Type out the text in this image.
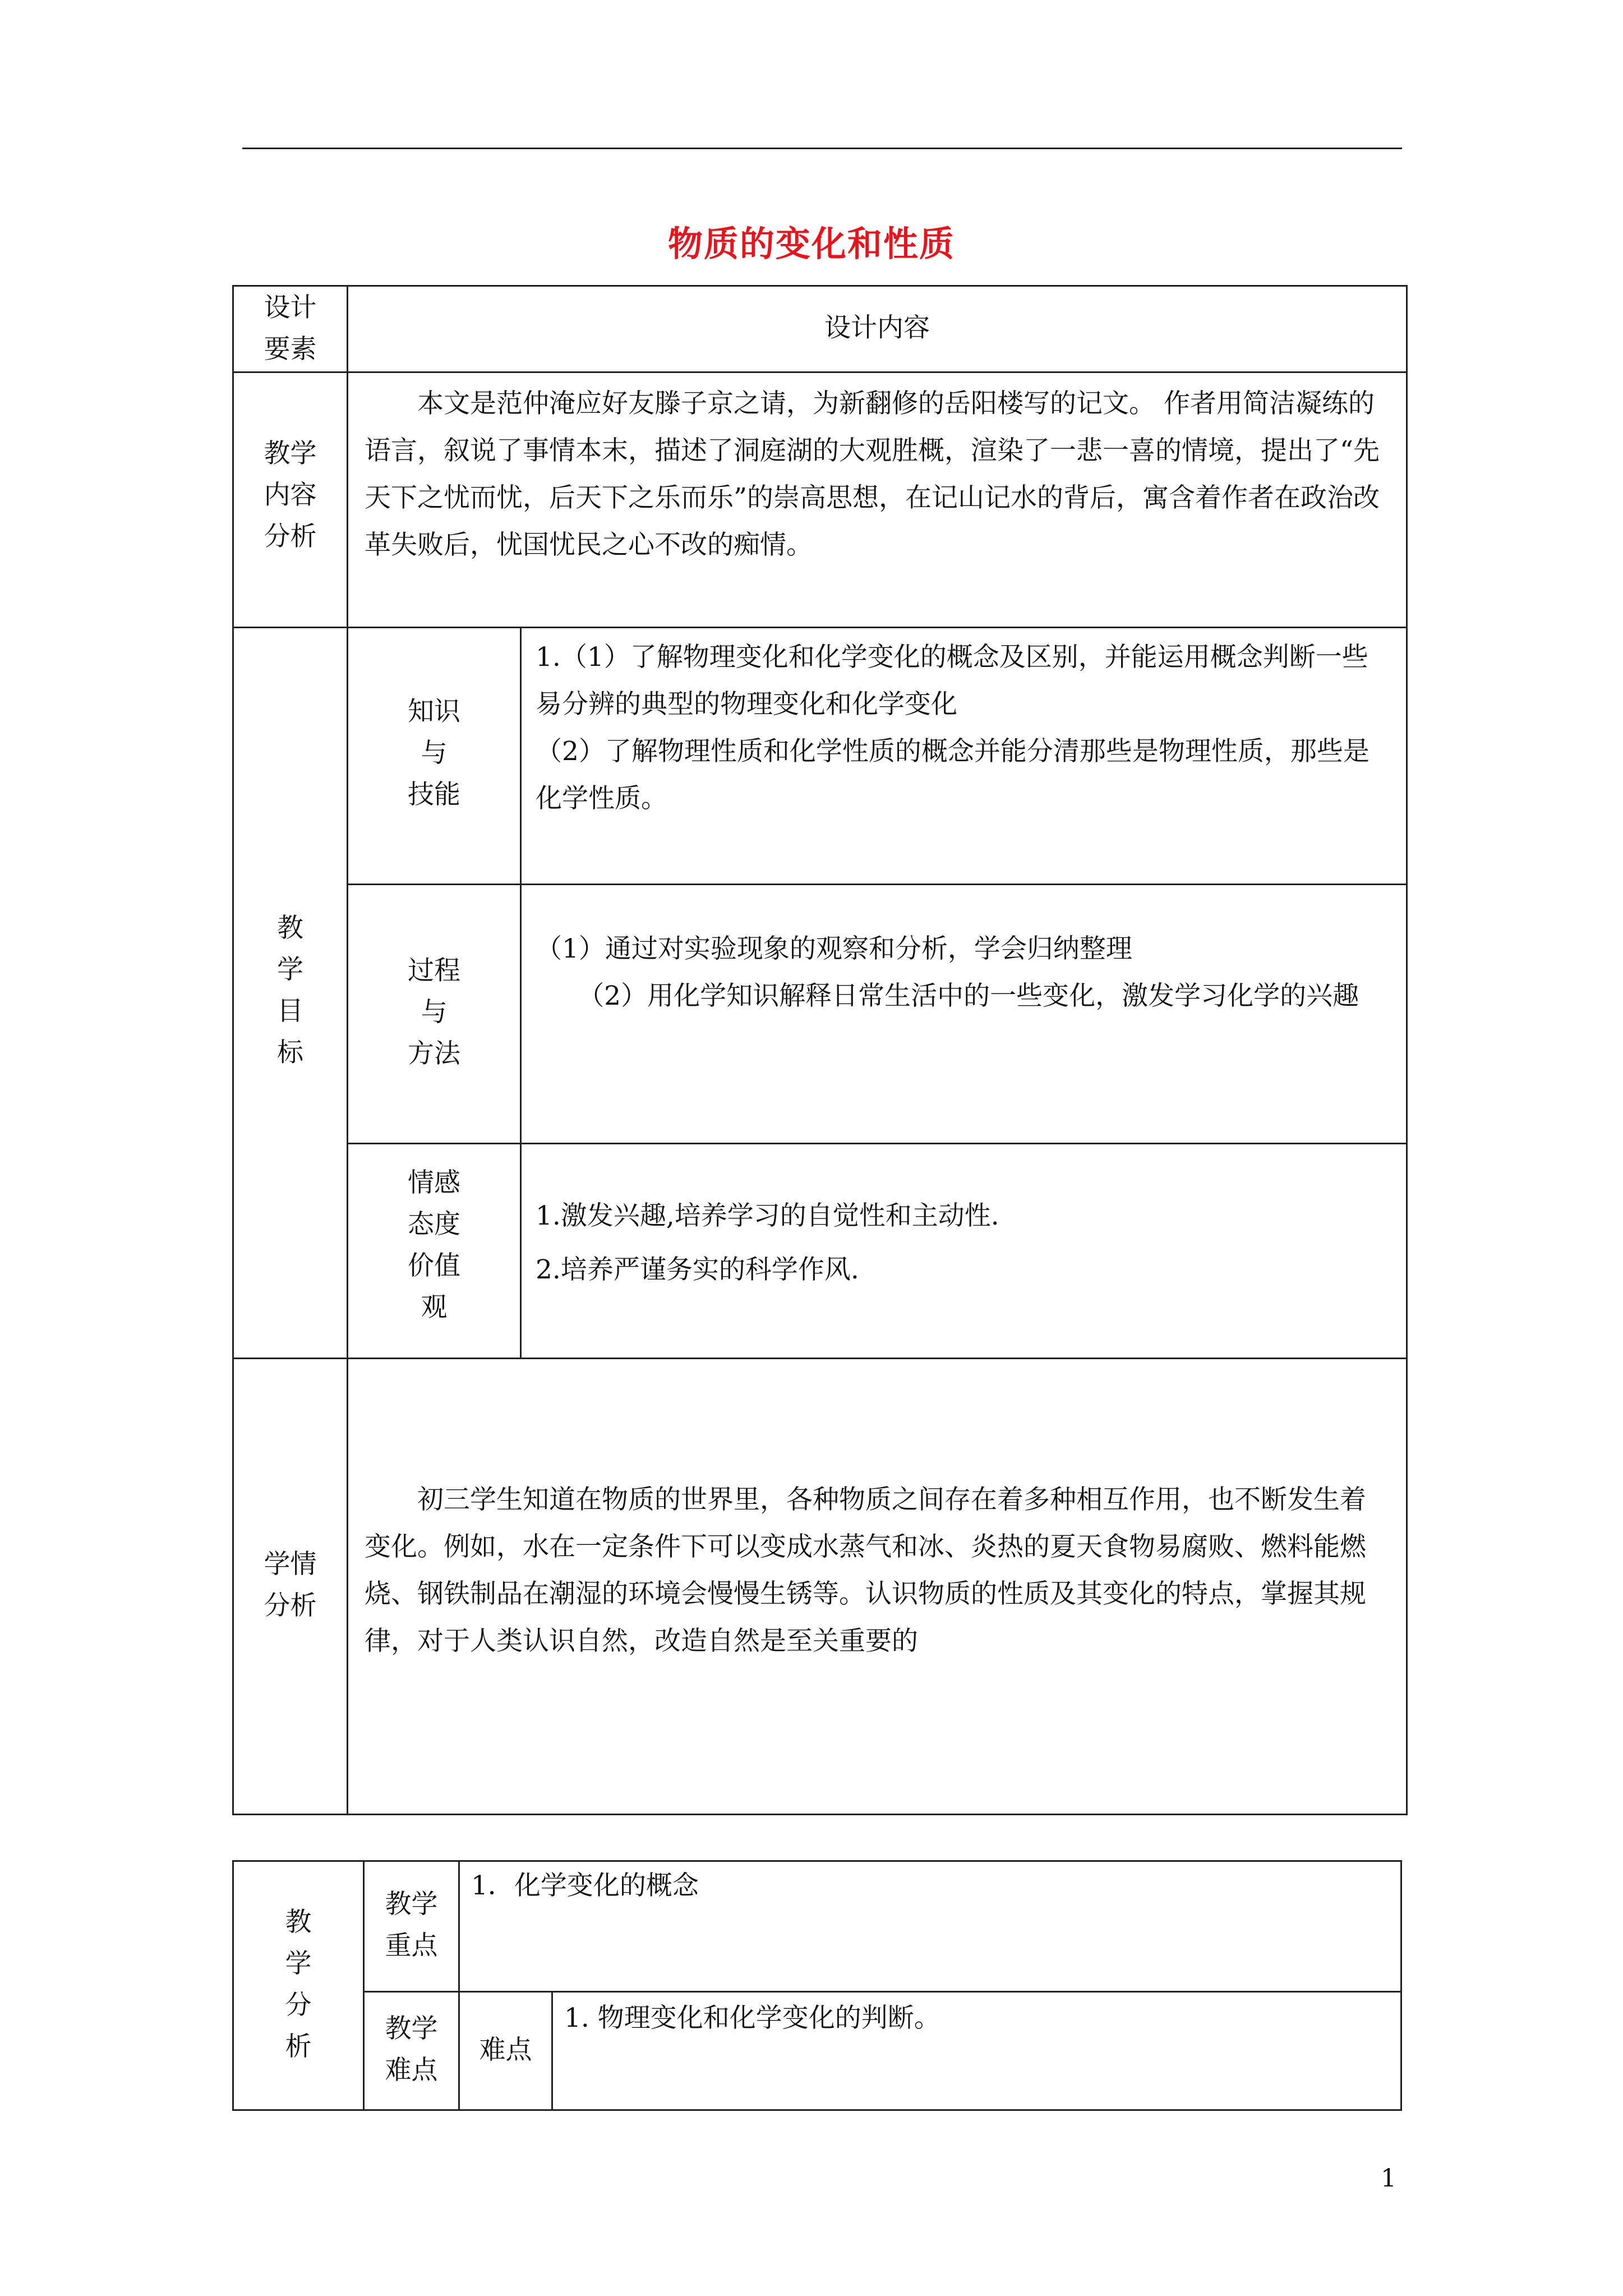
物质的变化和性质
设计
要素
设计内容
教学
内容
分析
本文是范仲淹应好友滕子京之请，为新翻修的岳阳楼写的记文。 作者用简洁凝练的语言，叙说了事情本末，描述了洞庭湖的大观胜概，渲染了一悲一喜的情境，提出了“先天下之忧而忧，后天下之乐而乐”的崇高思想，在记山记水的背后，寓含着作者在政治改革失败后，忧国忧民之心不改的痴情。
教
学
目
标
知识
与
技能
1.（1）了解物理变化和化学变化的概念及区别，并能运用概念判断一些易分辨的典型的物理变化和化学变化
（2）了解物理性质和化学性质的概念并能分清那些是物理性质，那些是化学性质。
过程
与
方法
（1）通过对实验现象的观察和分析，学会归纳整理
（2）用化学知识解释日常生活中的一些变化，激发学习化学的兴趣
情感
态度
价值
观
1.激发兴趣,培养学习的自觉性和主动性.
2.培养严谨务实的科学作风.
学情
分析
初三学生知道在物质的世界里，各种物质之间存在着多种相互作用，也不断发生着变化。例如，水在一定条件下可以变成水蒸气和冰、炎热的夏天食物易腐败、燃料能燃烧、钢铁制品在潮湿的环境会慢慢生锈等。认识物质的性质及其变化的特点，掌握其规律，对于人类认识自然，改造自然是至关重要的
教
学
分
析
教学
重点
1．化学变化的概念
教学
难点
难点
1. 物理变化和化学变化的判断。
1
